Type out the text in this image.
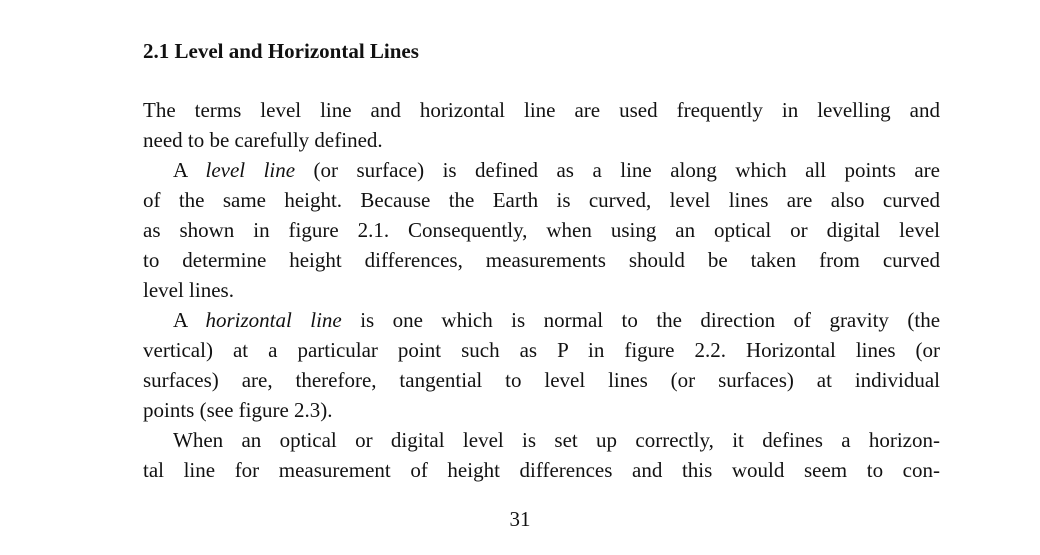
2.1 Level and Horizontal Lines
The terms level line and horizontal line are used frequently in levelling and
need to be carefully defined.
A level line (or surface) is defined as a line along which all points are
of the same height. Because the Earth is curved, level lines are also curved
as shown in figure 2.1. Consequently, when using an optical or digital level
to determine height differences, measurements should be taken from curved
level lines.
A horizontal line is one which is normal to the direction of gravity (the
vertical) at a particular point such as P in figure 2.2. Horizontal lines (or
surfaces) are, therefore, tangential to level lines (or surfaces) at individual
points (see figure 2.3).
When an optical or digital level is set up correctly, it defines a horizon-
tal line for measurement of height differences and this would seem to con-
31
